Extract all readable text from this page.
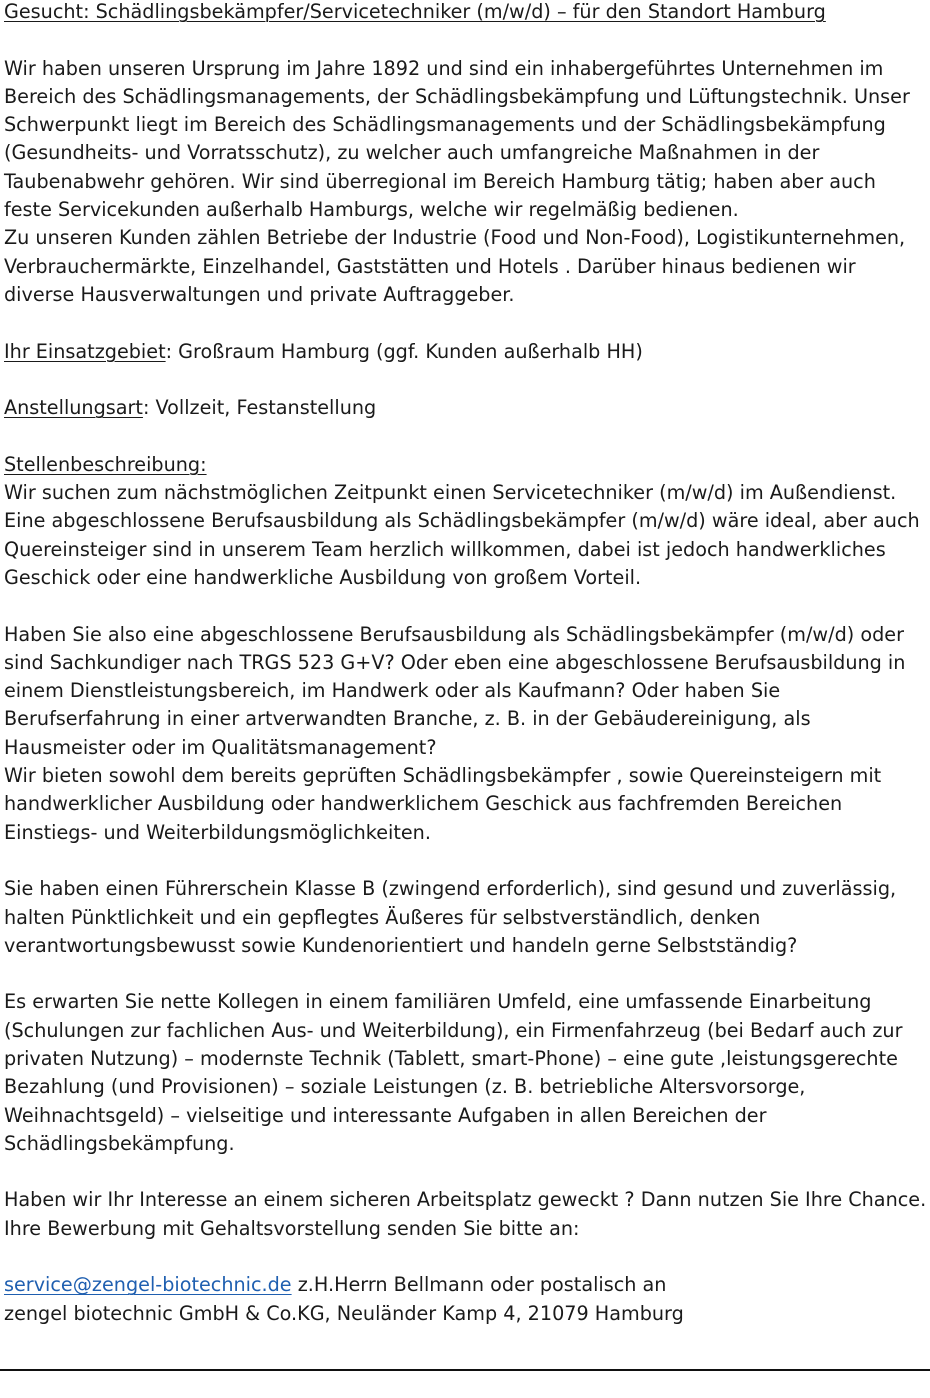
Gesucht: Schädlingsbekämpfer/Servicetechniker (m/w/d) – für den Standort Hamburg

Wir haben unseren Ursprung im Jahre 1892 und sind ein inhabergeführtes Unternehmen im Bereich des Schädlingsmanagements, der Schädlingsbekämpfung und Lüftungstechnik. Unser Schwerpunkt liegt im Bereich des Schädlingsmanagements und der Schädlingsbekämpfung (Gesundheits- und Vorratsschutz), zu welcher auch umfangreiche Maßnahmen in der Taubenabwehr gehören. Wir sind überregional im Bereich Hamburg tätig; haben aber auch feste Servicekunden außerhalb Hamburgs, welche wir regelmäßig bedienen.

Zu unseren Kunden zählen Betriebe der Industrie (Food und Non-Food), Logistikunternehmen, Verbrauchermärkte, Einzelhandel, Gaststätten und Hotels . Darüber hinaus bedienen wir diverse Hausverwaltungen und private Auftraggeber.

Ihr Einsatzgebiet: Großraum Hamburg (ggf. Kunden außerhalb HH)

Anstellungsart: Vollzeit, Festanstellung

Stellenbeschreibung:

Wir suchen zum nächstmöglichen Zeitpunkt einen Servicetechniker (m/w/d) im Außendienst. Eine abgeschlossene Berufsausbildung als Schädlingsbekämpfer (m/w/d) wäre ideal, aber auch Quereinsteiger sind in unserem Team herzlich willkommen, dabei ist jedoch handwerkliches Geschick oder eine handwerkliche Ausbildung von großem Vorteil.

Haben Sie also eine abgeschlossene Berufsausbildung als Schädlingsbekämpfer (m/w/d) oder sind Sachkundiger nach TRGS 523 G+V? Oder eben eine abgeschlossene Berufsausbildung in einem Dienstleistungsbereich, im Handwerk oder als Kaufmann? Oder haben Sie Berufserfahrung in einer artverwandten Branche, z. B. in der Gebäudereinigung, als Hausmeister oder im Qualitätsmanagement?

Wir bieten sowohl dem bereits geprüften Schädlingsbekämpfer , sowie Quereinsteigern mit handwerklicher Ausbildung oder handwerklichem Geschick aus fachfremden Bereichen Einstiegs- und Weiterbildungsmöglichkeiten.

Sie haben einen Führerschein Klasse B (zwingend erforderlich), sind gesund und zuverlässig, halten Pünktlichkeit und ein gepflegtes Äußeres für selbstverständlich, denken verantwortungsbewusst sowie Kundenorientiert und handeln gerne Selbstständig?

Es erwarten Sie nette Kollegen in einem familiären Umfeld, eine umfassende Einarbeitung (Schulungen zur fachlichen Aus- und Weiterbildung), ein Firmenfahrzeug (bei Bedarf auch zur privaten Nutzung) – modernste Technik (Tablett, smart-Phone) – eine gute ,leistungsgerechte Bezahlung (und Provisionen) – soziale Leistungen (z. B. betriebliche Altersvorsorge, Weihnachtsgeld) – vielseitige und interessante Aufgaben in allen Bereichen der Schädlingsbekämpfung.

Haben wir Ihr Interesse an einem sicheren Arbeitsplatz geweckt ? Dann nutzen Sie Ihre Chance. Ihre Bewerbung mit Gehaltsvorstellung senden Sie bitte an:

service@zengel-biotechnic.de z.H.Herrn Bellmann oder postalisch an

zengel biotechnic GmbH & Co.KG, Neuländer Kamp 4, 21079 Hamburg
